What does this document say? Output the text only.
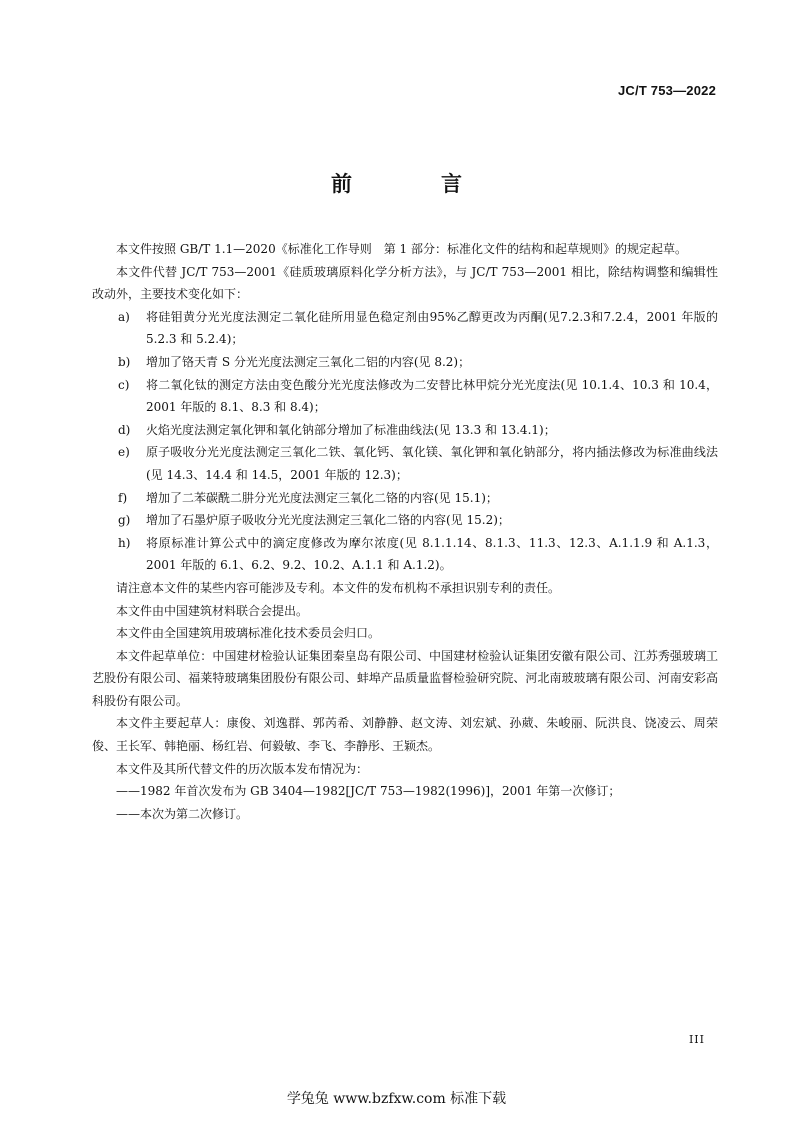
JC/T 753—2022
前　言

本文件按照 GB/T 1.1—2020《标准化工作导则　第 1 部分：标准化文件的结构和起草规则》的规定起草。

本文件代替 JC/T 753—2001《硅质玻璃原料化学分析方法》，与 JC/T 753—2001 相比，除结构调整和编辑性改动外，主要技术变化如下：

a) 将硅钼黄分光光度法测定二氧化硅所用显色稳定剂由95%乙醇更改为丙酮(见7.2.3和7.2.4，2001 年版的 5.2.3 和 5.2.4)；
b) 增加了铬天青 S 分光光度法测定三氧化二铝的内容(见 8.2)；
c) 将二氧化钛的测定方法由变色酸分光光度法修改为二安替比林甲烷分光光度法(见 10.1.4、10.3 和 10.4，2001 年版的 8.1、8.3 和 8.4)；
d) 火焰光度法测定氧化钾和氧化钠部分增加了标准曲线法(见 13.3 和 13.4.1)；
e) 原子吸收分光光度法测定三氧化二铁、氧化钙、氧化镁、氧化钾和氧化钠部分，将内插法修改为标准曲线法(见 14.3、14.4 和 14.5，2001 年版的 12.3)；
f) 增加了二苯碳酰二肼分光光度法测定三氧化二铬的内容(见 15.1)；
g) 增加了石墨炉原子吸收分光光度法测定三氧化二铬的内容(见 15.2)；
h) 将原标准计算公式中的滴定度修改为摩尔浓度(见 8.1.1.14、8.1.3、11.3、12.3、A.1.1.9 和 A.1.3，2001 年版的 6.1、6.2、9.2、10.2、A.1.1 和 A.1.2)。

请注意本文件的某些内容可能涉及专利。本文件的发布机构不承担识别专利的责任。

本文件由中国建筑材料联合会提出。

本文件由全国建筑用玻璃标准化技术委员会归口。

本文件起草单位：中国建材检验认证集团秦皇岛有限公司、中国建材检验认证集团安徽有限公司、江苏秀强玻璃工艺股份有限公司、福莱特玻璃集团股份有限公司、蚌埠产品质量监督检验研究院、河北南玻玻璃有限公司、河南安彩高科股份有限公司。

本文件主要起草人：康俊、刘逸群、郭芮希、刘静静、赵文涛、刘宏斌、孙葳、朱峻丽、阮洪良、饶凌云、周荣俊、王长军、韩艳丽、杨红岩、何毅敏、李飞、李静彤、王颖杰。

本文件及其所代替文件的历次版本发布情况为：

——1982 年首次发布为 GB 3404—1982[JC/T 753—1982(1996)]，2001 年第一次修订；

——本次为第二次修订。

III
学兔兔 www.bzfxw.com 标准下载
